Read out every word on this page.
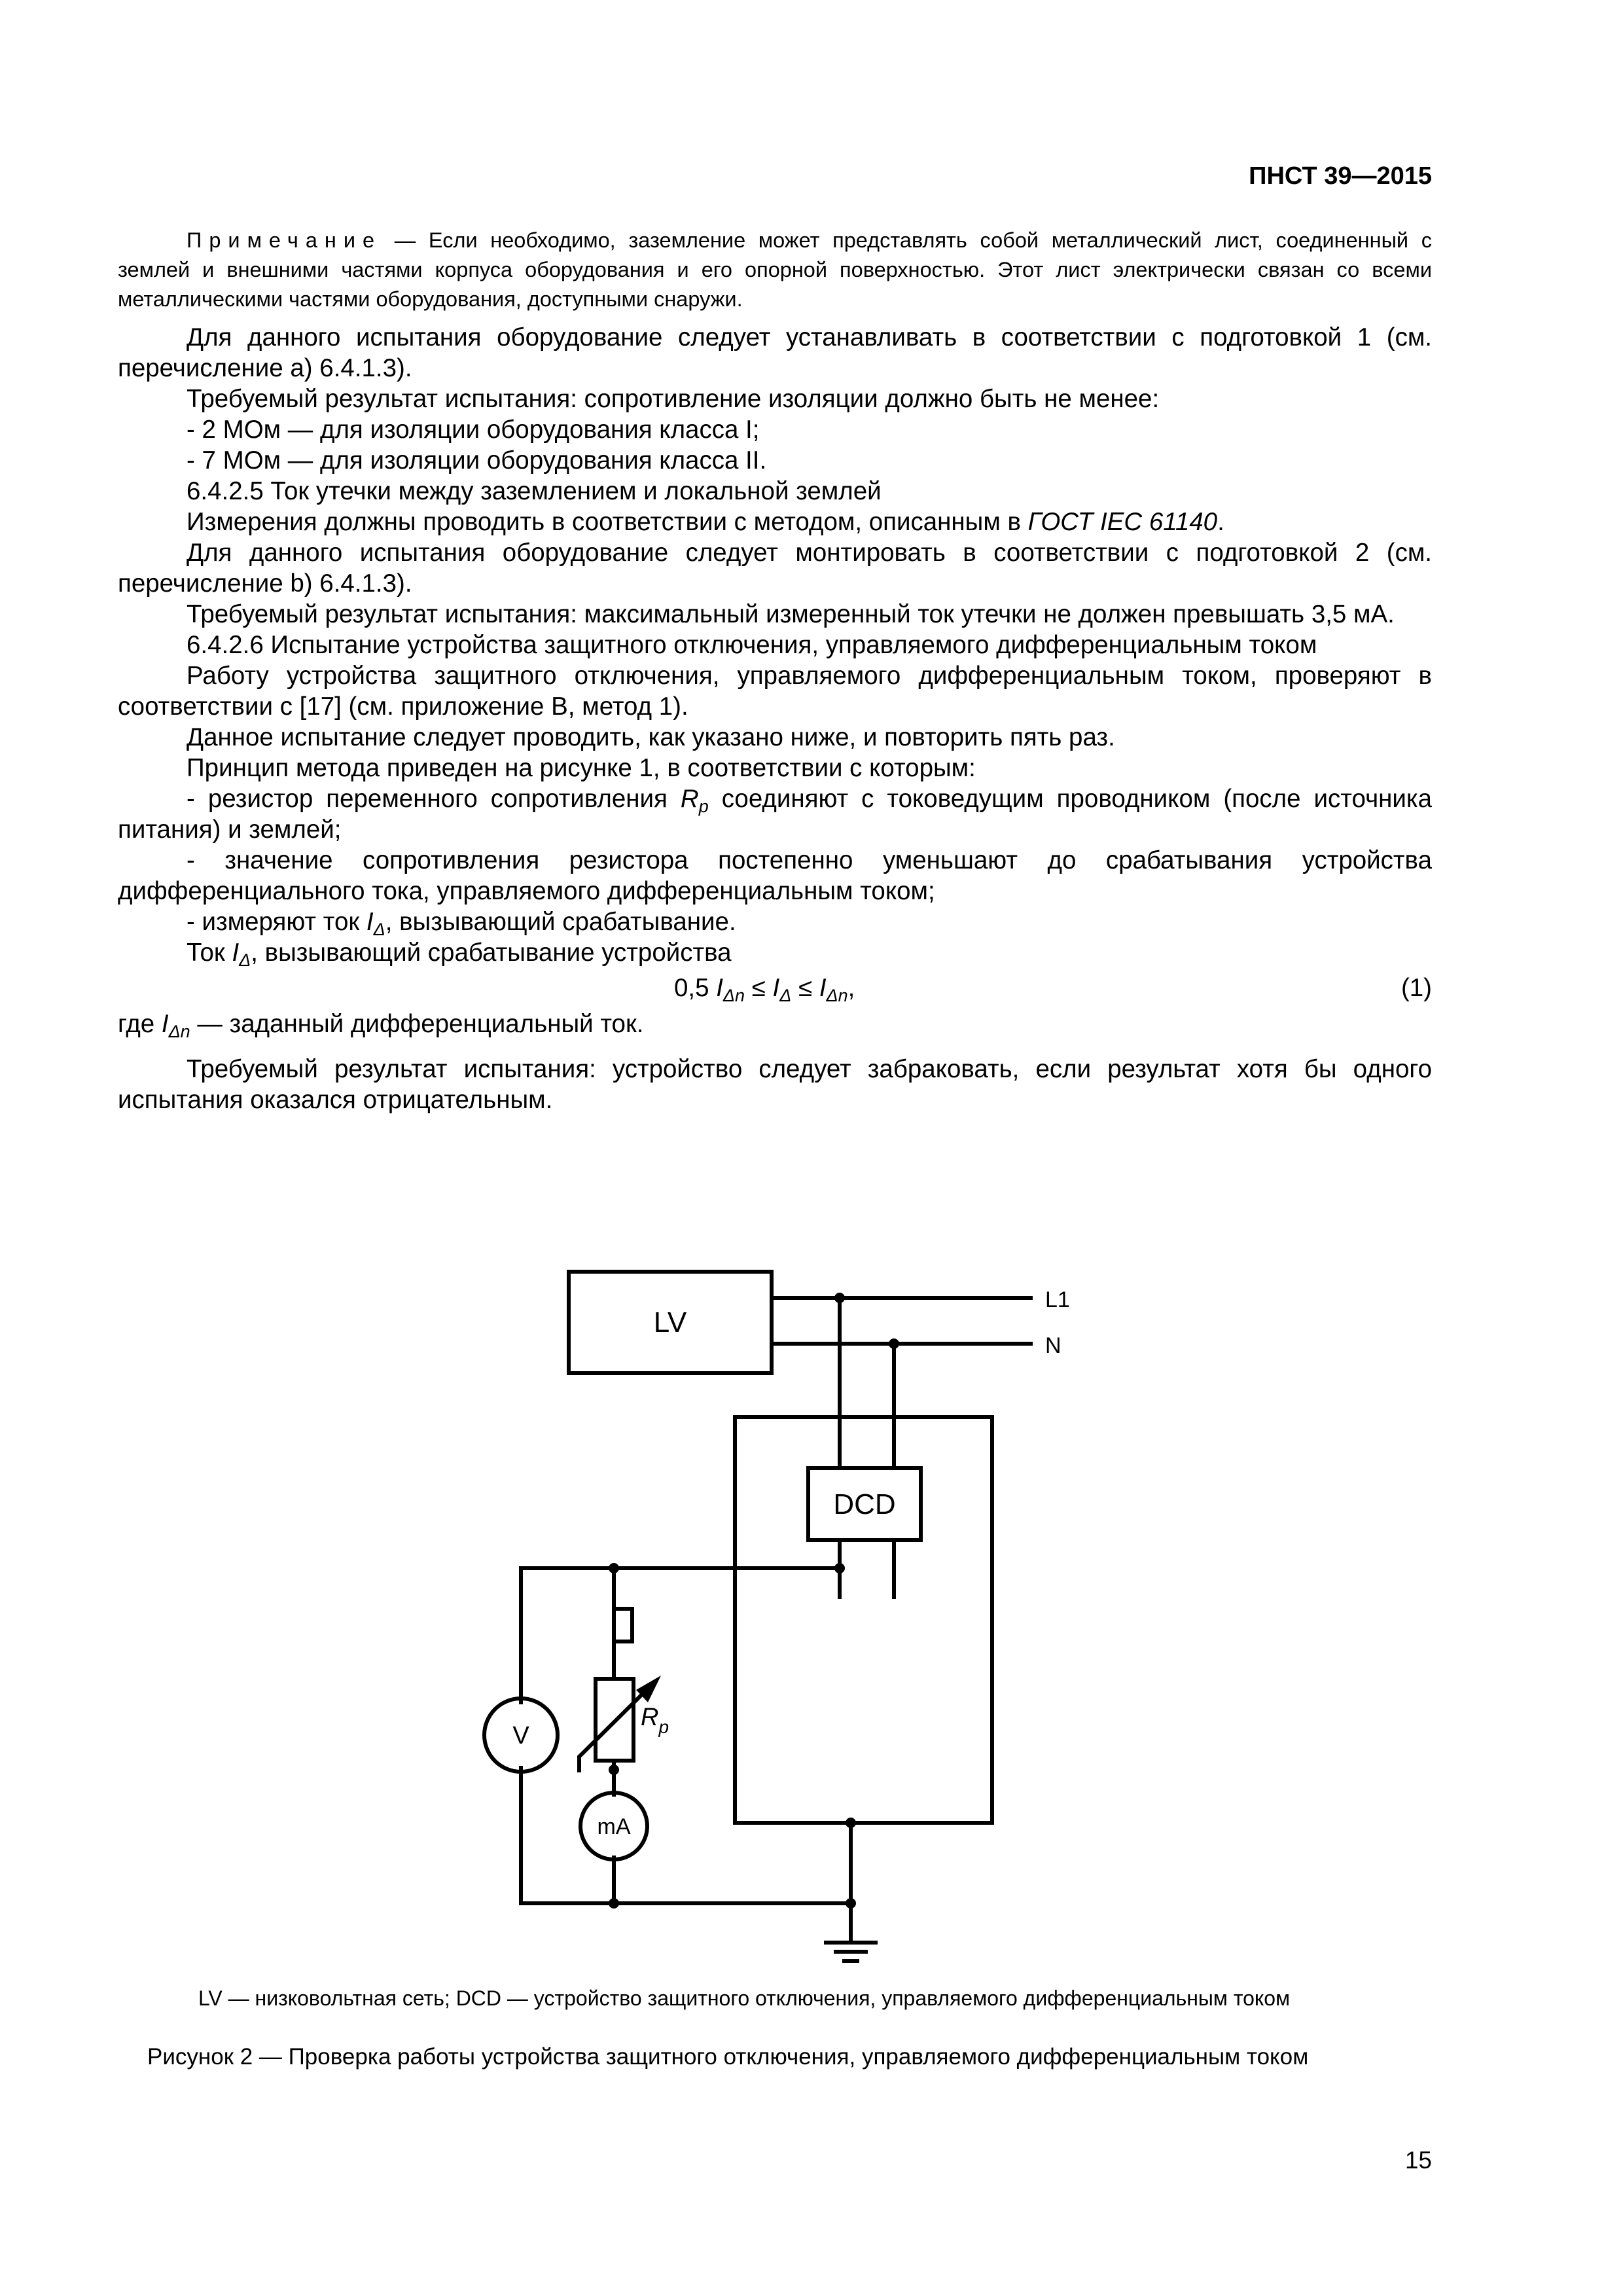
ПНСТ 39—2015

Примечание — Если необходимо, заземление может представлять собой металлический лист, соединенный с землей и внешними частями корпуса оборудования и его опорной поверхностью. Этот лист электрически связан со всеми металлическими частями оборудования, доступными снаружи.

Для данного испытания оборудование следует устанавливать в соответствии с подготовкой 1 (см. перечисление а) 6.4.1.3).

Требуемый результат испытания: сопротивление изоляции должно быть не менее:

- 2 МОм — для изоляции оборудования класса I;

- 7 МОм — для изоляции оборудования класса II.

6.4.2.5 Ток утечки между заземлением и локальной землей

Измерения должны проводить в соответствии с методом, описанным в ГОСТ IEC 61140.

Для данного испытания оборудование следует монтировать в соответствии с подготовкой 2 (см. перечисление b) 6.4.1.3).

Требуемый результат испытания: максимальный измеренный ток утечки не должен превышать 3,5 мА.

6.4.2.6 Испытание устройства защитного отключения, управляемого дифференциальным током

Работу устройства защитного отключения, управляемого дифференциальным током, проверяют в соответствии с [17] (см. приложение В, метод 1).

Данное испытание следует проводить, как указано ниже, и повторить пять раз.

Принцип метода приведен на рисунке 1, в соответствии с которым:

- резистор переменного сопротивления $R_p$ соединяют с токоведущим проводником (после источника питания) и землей;

- значение сопротивления резистора постепенно уменьшают до срабатывания устройства дифференциального тока, управляемого дифференциальным током;

- измеряют ток $I_\Delta$, вызывающий срабатывание.

Ток $I_\Delta$, вызывающий срабатывание устройства

0,5 $I_{\Delta n} \le I_\Delta \le I_{\Delta n}$,	(1)

где $I_{\Delta n}$ — заданный дифференциальный ток.

Требуемый результат испытания: устройство следует забраковать, если результат хотя бы одного испытания оказался отрицательным.

LV
DCD
L1
N
V
mA
$R_p$
LV — низковольтная сеть; DCD — устройство защитного отключения, управляемого дифференциальным током
Рисунок 2 — Проверка работы устройства защитного отключения, управляемого дифференциальным током
15
